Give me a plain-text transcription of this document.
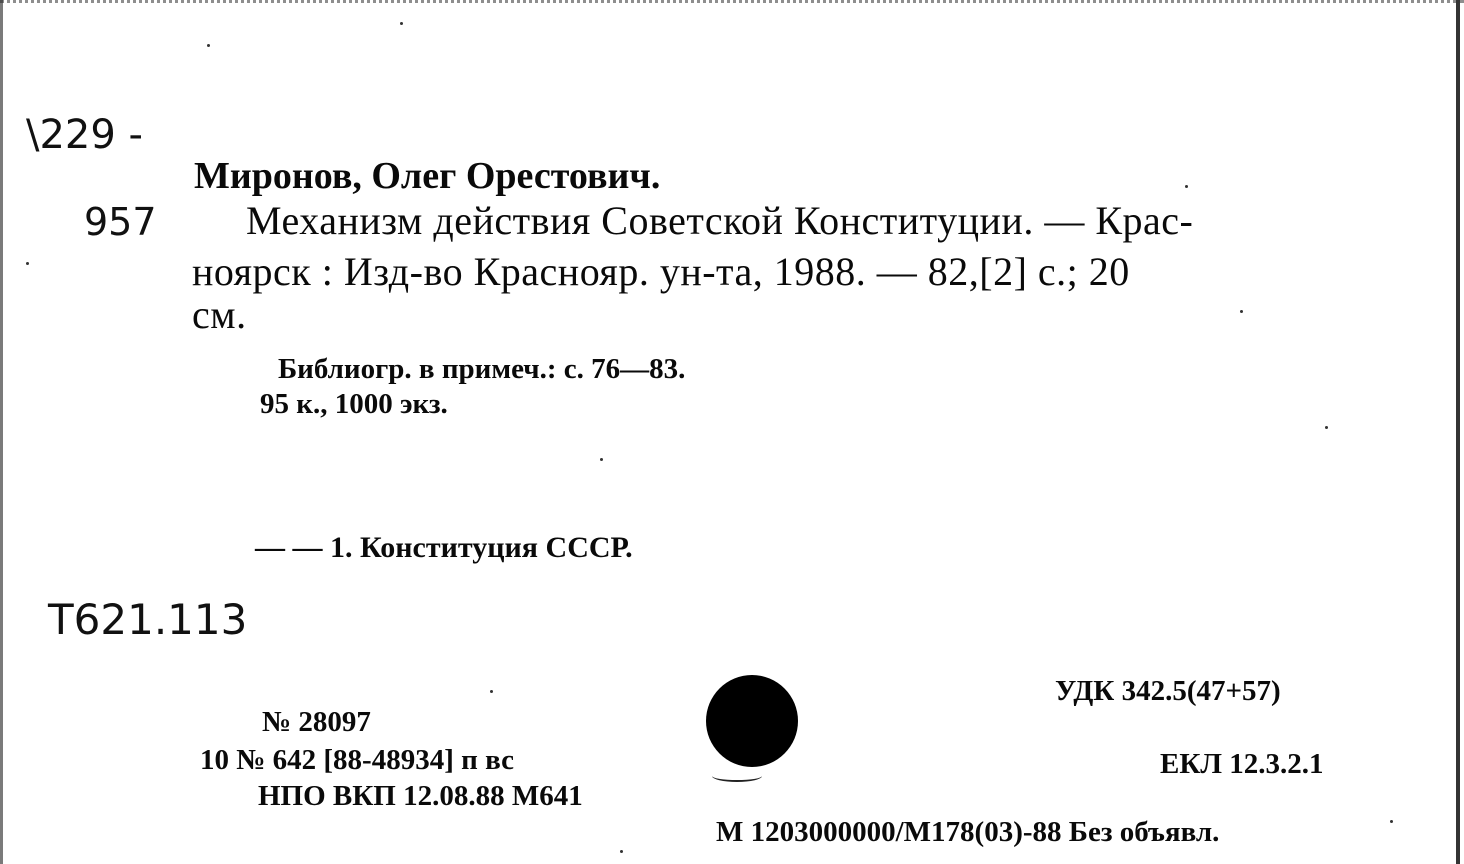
\229 -
957
Т621.113
Миронов, Олег Орестович.
Механизм действия Советской Конституции. — Крас-
ноярск : Изд-во Краснояр. ун-та, 1988. — 82,[2] с.; 20
см.
Библиогр. в примеч.: с. 76—83.
95 к., 1000 экз.
— — 1. Конституция СССР.
№ 28097
10 № 642 [88-48934] п вс
НПО ВКП 12.08.88 М641
УДК 342.5(47+57)
ЕКЛ 12.3.2.1
М 1203000000/М178(03)-88 Без объявл.
